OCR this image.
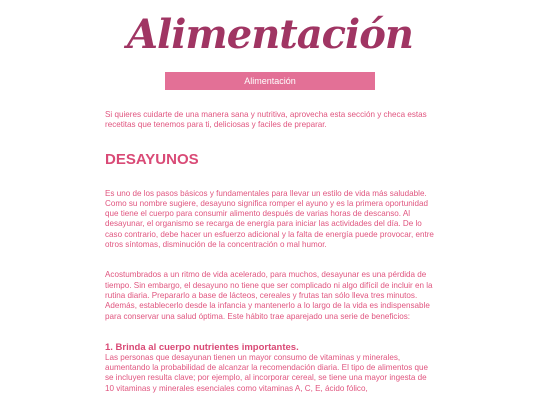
Alimentación
Alimentación

Si quieres cuidarte de una manera sana y nutritiva, aprovecha esta sección y checa estas recetitas que tenemos para ti, deliciosas y faciles de preparar.

DESAYUNOS

Es uno de los pasos básicos y fundamentales para llevar un estilo de vida más saludable. Como su nombre sugiere, desayuno significa romper el ayuno y es la primera oportunidad que tiene el cuerpo para consumir alimento después de varias horas de descanso. Al desayunar, el organismo se recarga de energía para iniciar las actividades del día. De lo caso contrario, debe hacer un esfuerzo adicional y la falta de energía puede provocar, entre otros síntomas, disminución de la concentración o mal humor.

Acostumbrados a un ritmo de vida acelerado, para muchos, desayunar es una pérdida de tiempo. Sin embargo, el desayuno no tiene que ser complicado ni algo difícil de incluir en la rutina diaria. Prepararlo a base de lácteos, cereales y frutas tan sólo lleva tres minutos. Además, establecerlo desde la infancia y mantenerlo a lo largo de la vida es indispensable para conservar una salud óptima. Este hábito trae aparejado una serie de beneficios:

1. Brinda al cuerpo nutrientes importantes.

Las personas que desayunan tienen un mayor consumo de vitaminas y minerales, aumentando la probabilidad de alcanzar la recomendación diaria. El tipo de alimentos que se incluyen resulta clave; por ejemplo, al incorporar cereal, se tiene una mayor ingesta de 10 vitaminas y minerales esenciales como vitaminas A, C, E, ácido fólico,
